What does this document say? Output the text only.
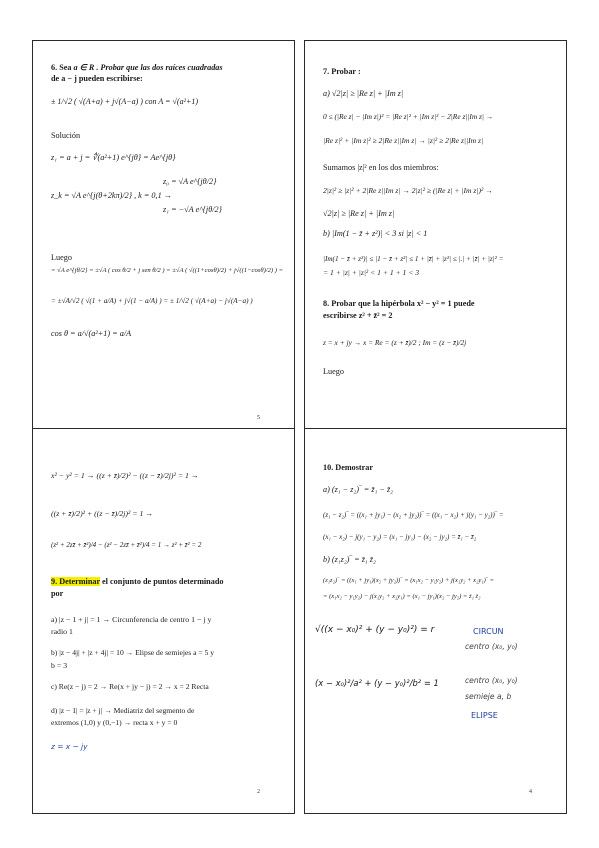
6. Sea a ∈ R . Probar que las dos raíces cuadradas
de a − j pueden escribirse:
± 1/√2 ( √(A+a) + j√(A−a) ) con A = √(a²+1)
Solución
z₁ = a + j = ∜(a²+1) e^{jθ} = Ae^{jθ}
z_k = √A e^{j(θ+2kπ)/2} , k = 0,1 →
z₀ = √A e^{jθ/2}
z₁ = −√A e^{jθ/2}
Luego
= √A e^{jθ/2} = ±√A ( cos θ/2 + j sen θ/2 ) = ±√A ( √((1+cosθ)/2) + j√((1−cosθ)/2) ) =
= ±√A/√2 ( √(1 + a/A) + j√(1 − a/A) ) = ± 1/√2 ( √(A+a) − j√(A−a) )
cos θ = a/√(a²+1) = a/A
5
7. Probar :
a) √2|z| ≥ |Re z| + |Im z|
0 ≤ (|Re z| − |Im z|)² = |Re z|² + |Im z|² − 2|Re z||Im z| →
|Re z|² + |Im z|² ≥ 2|Re z||Im z| → |z|² ≥ 2|Re z||Im z|
Sumamos |z|² en los dos miembros:
2|z|² ≥ |z|² + 2|Re z||Im z| → 2|z|² ≥ (|Re z| + |Im z|)² →
√2|z| ≥ |Re z| + |Im z|
b) |Im(1 − z̄ + z²)| < 3 si |z| < 1
|Im(1 − z̄ + z²)| ≤ |1 − z̄ + z²| ≤ 1 + |z̄| + |z²| ≤ |.| + |z̄| + |z|² =
= 1 + |z| + |z|² < 1 + 1 + 1 < 3
8. Probar que la hipérbola x² − y² = 1 puede
escribirse z² + z̄² = 2
z = x + jy → x = Re = (z + z̄)/2 ; Im = (z − z̄)/2j
Luego
x² − y² = 1 → ((z + z̄)/2)² − ((z − z̄)/2j)² = 1 →
((z + z̄)/2)² + ((z − z̄)/2j)² = 1 →
(z² + 2zz̄ + z̄²)/4 − (z² − 2zz̄ + z̄²)/4 = 1 → z² + z̄² = 2
9. Determinar el conjunto de puntos determinado
por
a) |z − 1 + j| = 1 → Circunferencia de centro 1 − j y
radio 1
b) |z − 4j| + |z + 4j| = 10 → Elipse de semiejes a = 5 y
b = 3
c) Re(z − j) = 2 → Re(x + jy − j) = 2 → x = 2 Recta
d) |z − 1| = |z + j| → Mediatriz del segmento de
extremos (1,0) y (0,−1) → recta x + y = 0
z = x − jy
2
10. Demostrar
a) (z₁ − z₂)‾ = z̄₁ − z̄₂
(z₁ − z₂)‾ = ((x₁ + jy₁) − (x₂ + jy₂))‾ = ((x₁ − x₂) + j(y₁ − y₂))‾ =
(x₁ − x₂) − j(y₁ − y₂) = (x₁ − jy₁) − (x₂ − jy₂) = z̄₁ − z̄₂
b) (z₁z₂)‾ = z̄₁ z̄₂
(z₁z₂)‾ = ((x₁ + jy₁)(x₂ + jy₂))‾ = (x₁x₂ − y₁y₂) + j(x₁y₂ + x₂y₁)‾ =
= (x₁x₂ − y₁y₂) − j(x₁y₂ + x₂y₁) = (x₁ − jy₁)(x₂ − jy₂) = z̄₁ z̄₂
√((x − x₀)² + (y − y₀)²) = r	CIRCUN
centro (x₀, y₀)
(x − x₀)²/a² + (y − y₀)²/b² = 1	centro (x₀, y₀)
semieje a, b
ELIPSE
4
